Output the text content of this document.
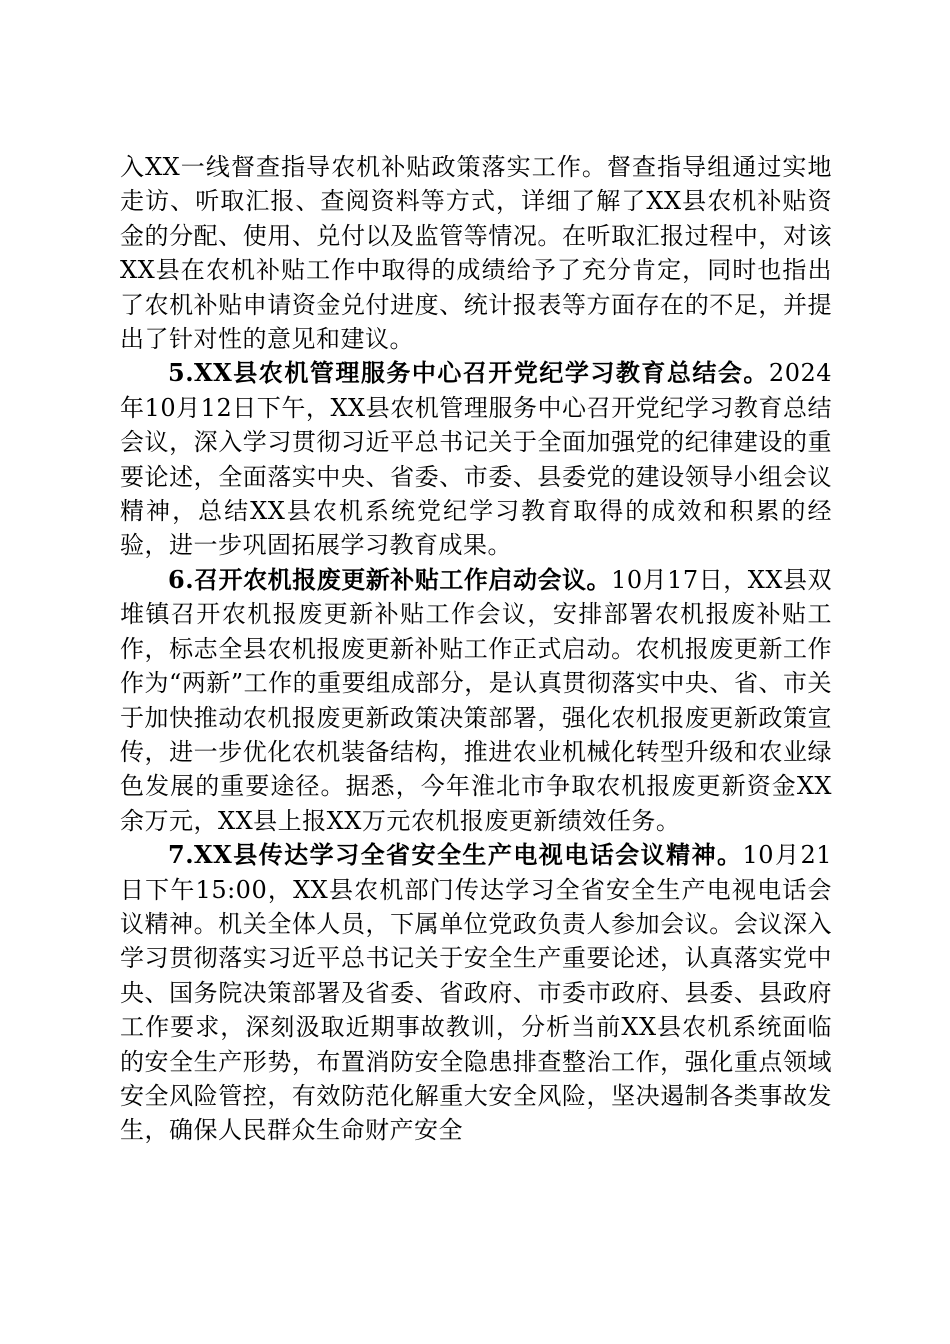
入XX一线督查指导农机补贴政策落实工作。督查指导组通过实地走访、听取汇报、查阅资料等方式，详细了解了XX县农机补贴资金的分配、使用、兑付以及监管等情况。在听取汇报过程中，对该XX县在农机补贴工作中取得的成绩给予了充分肯定，同时也指出了农机补贴申请资金兑付进度、统计报表等方面存在的不足，并提出了针对性的意见和建议。

5.XX县农机管理服务中心召开党纪学习教育总结会。2024年10月12日下午，XX县农机管理服务中心召开党纪学习教育总结会议，深入学习贯彻习近平总书记关于全面加强党的纪律建设的重要论述，全面落实中央、省委、市委、县委党的建设领导小组会议精神，总结XX县农机系统党纪学习教育取得的成效和积累的经验，进一步巩固拓展学习教育成果。

6.召开农机报废更新补贴工作启动会议。10月17日，XX县双堆镇召开农机报废更新补贴工作会议，安排部署农机报废补贴工作，标志全县农机报废更新补贴工作正式启动。农机报废更新工作作为“两新”工作的重要组成部分，是认真贯彻落实中央、省、市关于加快推动农机报废更新政策决策部署，强化农机报废更新政策宣传，进一步优化农机装备结构，推进农业机械化转型升级和农业绿色发展的重要途径。据悉，今年淮北市争取农机报废更新资金XX余万元，XX县上报XX万元农机报废更新绩效任务。

7.XX县传达学习全省安全生产电视电话会议精神。10月21日下午15:00，XX县农机部门传达学习全省安全生产电视电话会议精神。机关全体人员，下属单位党政负责人参加会议。会议深入学习贯彻落实习近平总书记关于安全生产重要论述，认真落实党中央、国务院决策部署及省委、省政府、市委市政府、县委、县政府工作要求，深刻汲取近期事故教训，分析当前XX县农机系统面临的安全生产形势，布置消防安全隐患排查整治工作，强化重点领域安全风险管控，有效防范化解重大安全风险，坚决遏制各类事故发生，确保人民群众生命财产安全
